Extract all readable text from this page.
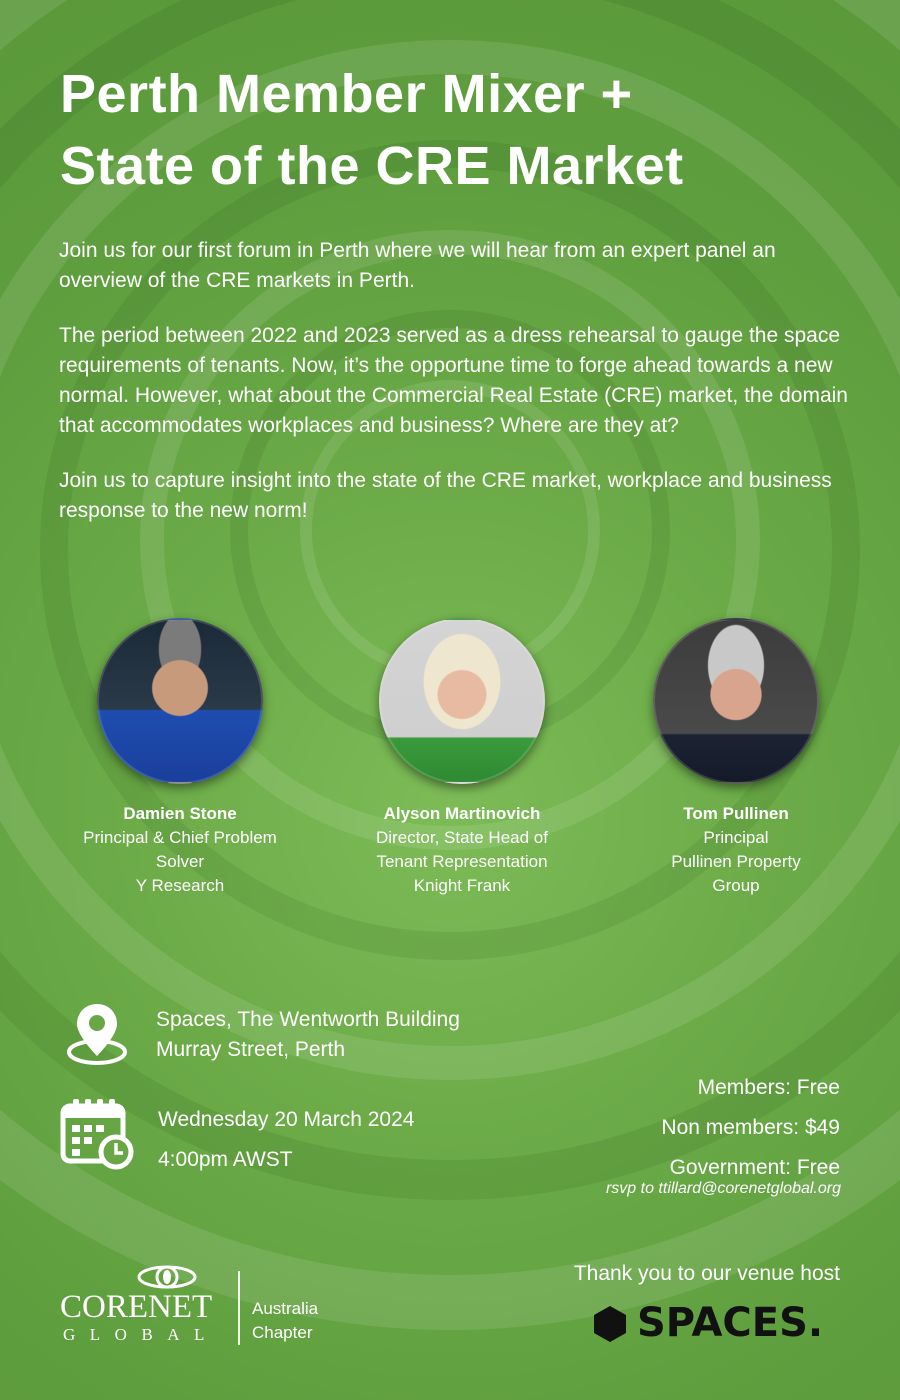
Perth Member Mixer +
State of the CRE Market

Join us for our first forum in Perth where we will hear from an expert panel an overview of the CRE markets in Perth.

The period between 2022 and 2023 served as a dress rehearsal to gauge the space requirements of tenants. Now, it’s the opportune time to forge ahead towards a new normal. However, what about the Commercial Real Estate (CRE) market, the domain that accommodates workplaces and business? Where are they at?

Join us to capture insight into the state of the CRE market, workplace and business response to the new norm!

Damien Stone
Principal & Chief Problem
Solver
Y Research
Alyson Martinovich
Director, State Head of
Tenant Representation
Knight Frank
Tom Pullinen
Principal
Pullinen Property
Group
Spaces, The Wentworth Building
Murray Street, Perth
Wednesday 20 March 2024
4:00pm AWST
Members: Free
Non members: $49
Government: Free
rsvp to ttillard@corenetglobal.org
CORENET
GLOBAL
Australia
Chapter
Thank you to our venue host
SPACES.
